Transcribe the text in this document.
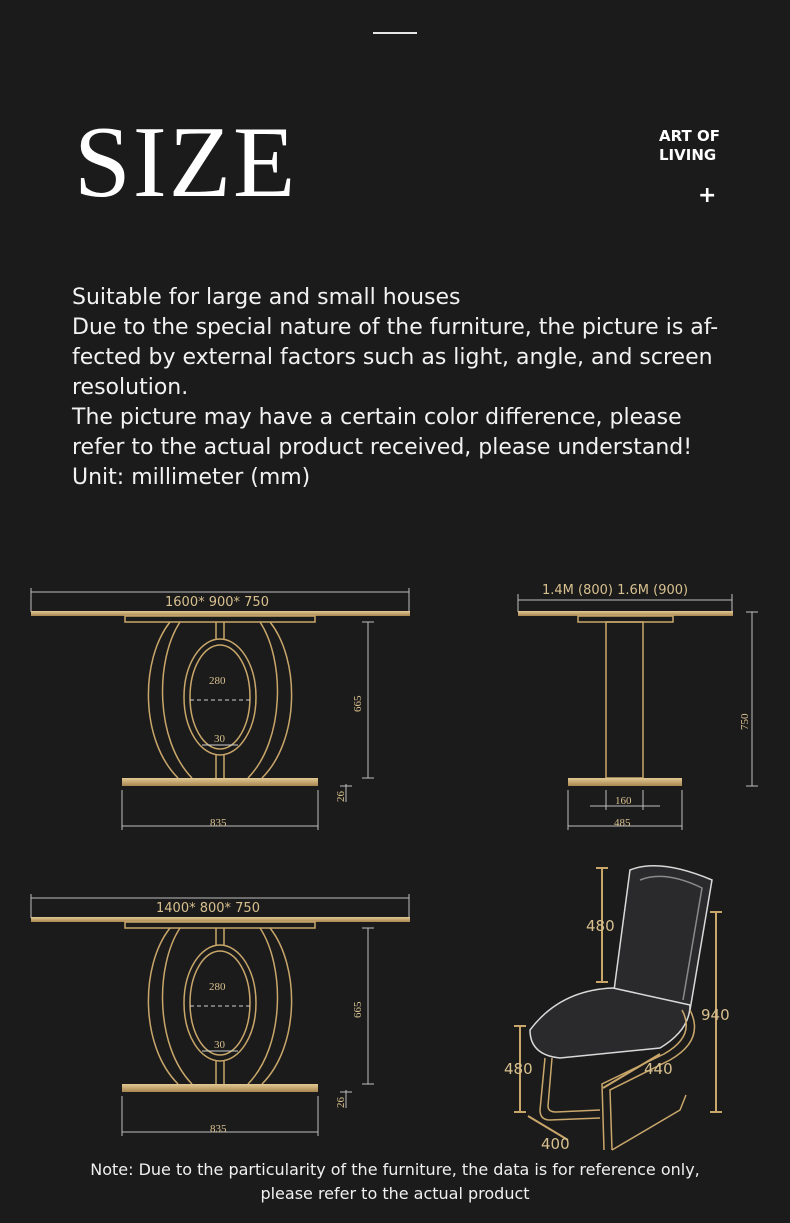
SIZE	ART OF
LIVING
+
Suitable for large and small houses
Due to the special nature of the furniture, the picture is af-
fected by external factors such as light, angle, and screen
resolution.
The picture may have a certain color difference, please
refer to the actual product received, please understand!
Unit: millimeter (mm)
1600* 900* 750
280
30
665
26
835
1.4M (800) 1.6M (900)
750
160
485
1400* 800* 750
280
30
665
26
835
480
940
480	440
400
Note: Due to the particularity of the furniture, the data is for reference only,
please refer to the actual product
